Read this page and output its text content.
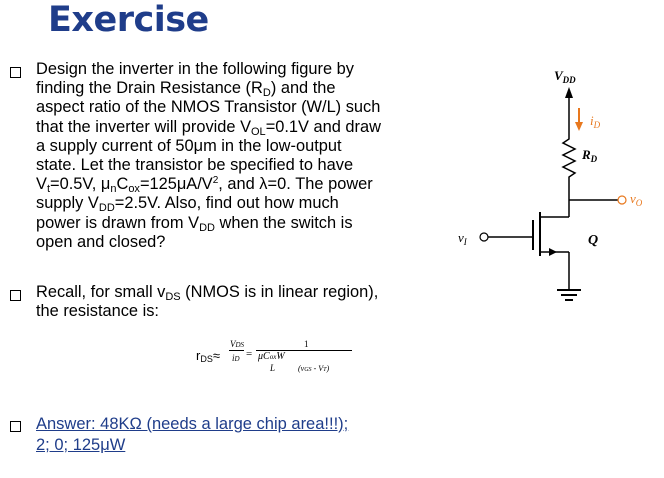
Exercise
Design the inverter in the following figure by
finding the Drain Resistance $(R_D)$ and the
aspect ratio of the NMOS Transistor (W/L) such
that the inverter will provide $V_{OL}=0.1V$ and draw
a supply current of 50μm in the low-output
state. Let the transistor be specified to have
$V_t=0.5V$, $\mu_nC_{ox}=125\mu A/V^2$, and λ=0. The power
supply $V_{DD}=2.5V$. Also, find out how much
power is drawn from $V_{DD}$ when the switch is
open and closed?
Recall, for small $v_{DS}$ (NMOS is in linear region),
the resistance is:
rDS≈
VDS
iD =
1
μCoxW
L	(vGS - VT)
Answer: 48KΩ (needs a large chip area!!!);
2; 0; 125μW
$V_{DD}$
$i_D$
$R_D$
$v_O$
$v_I$	Q
